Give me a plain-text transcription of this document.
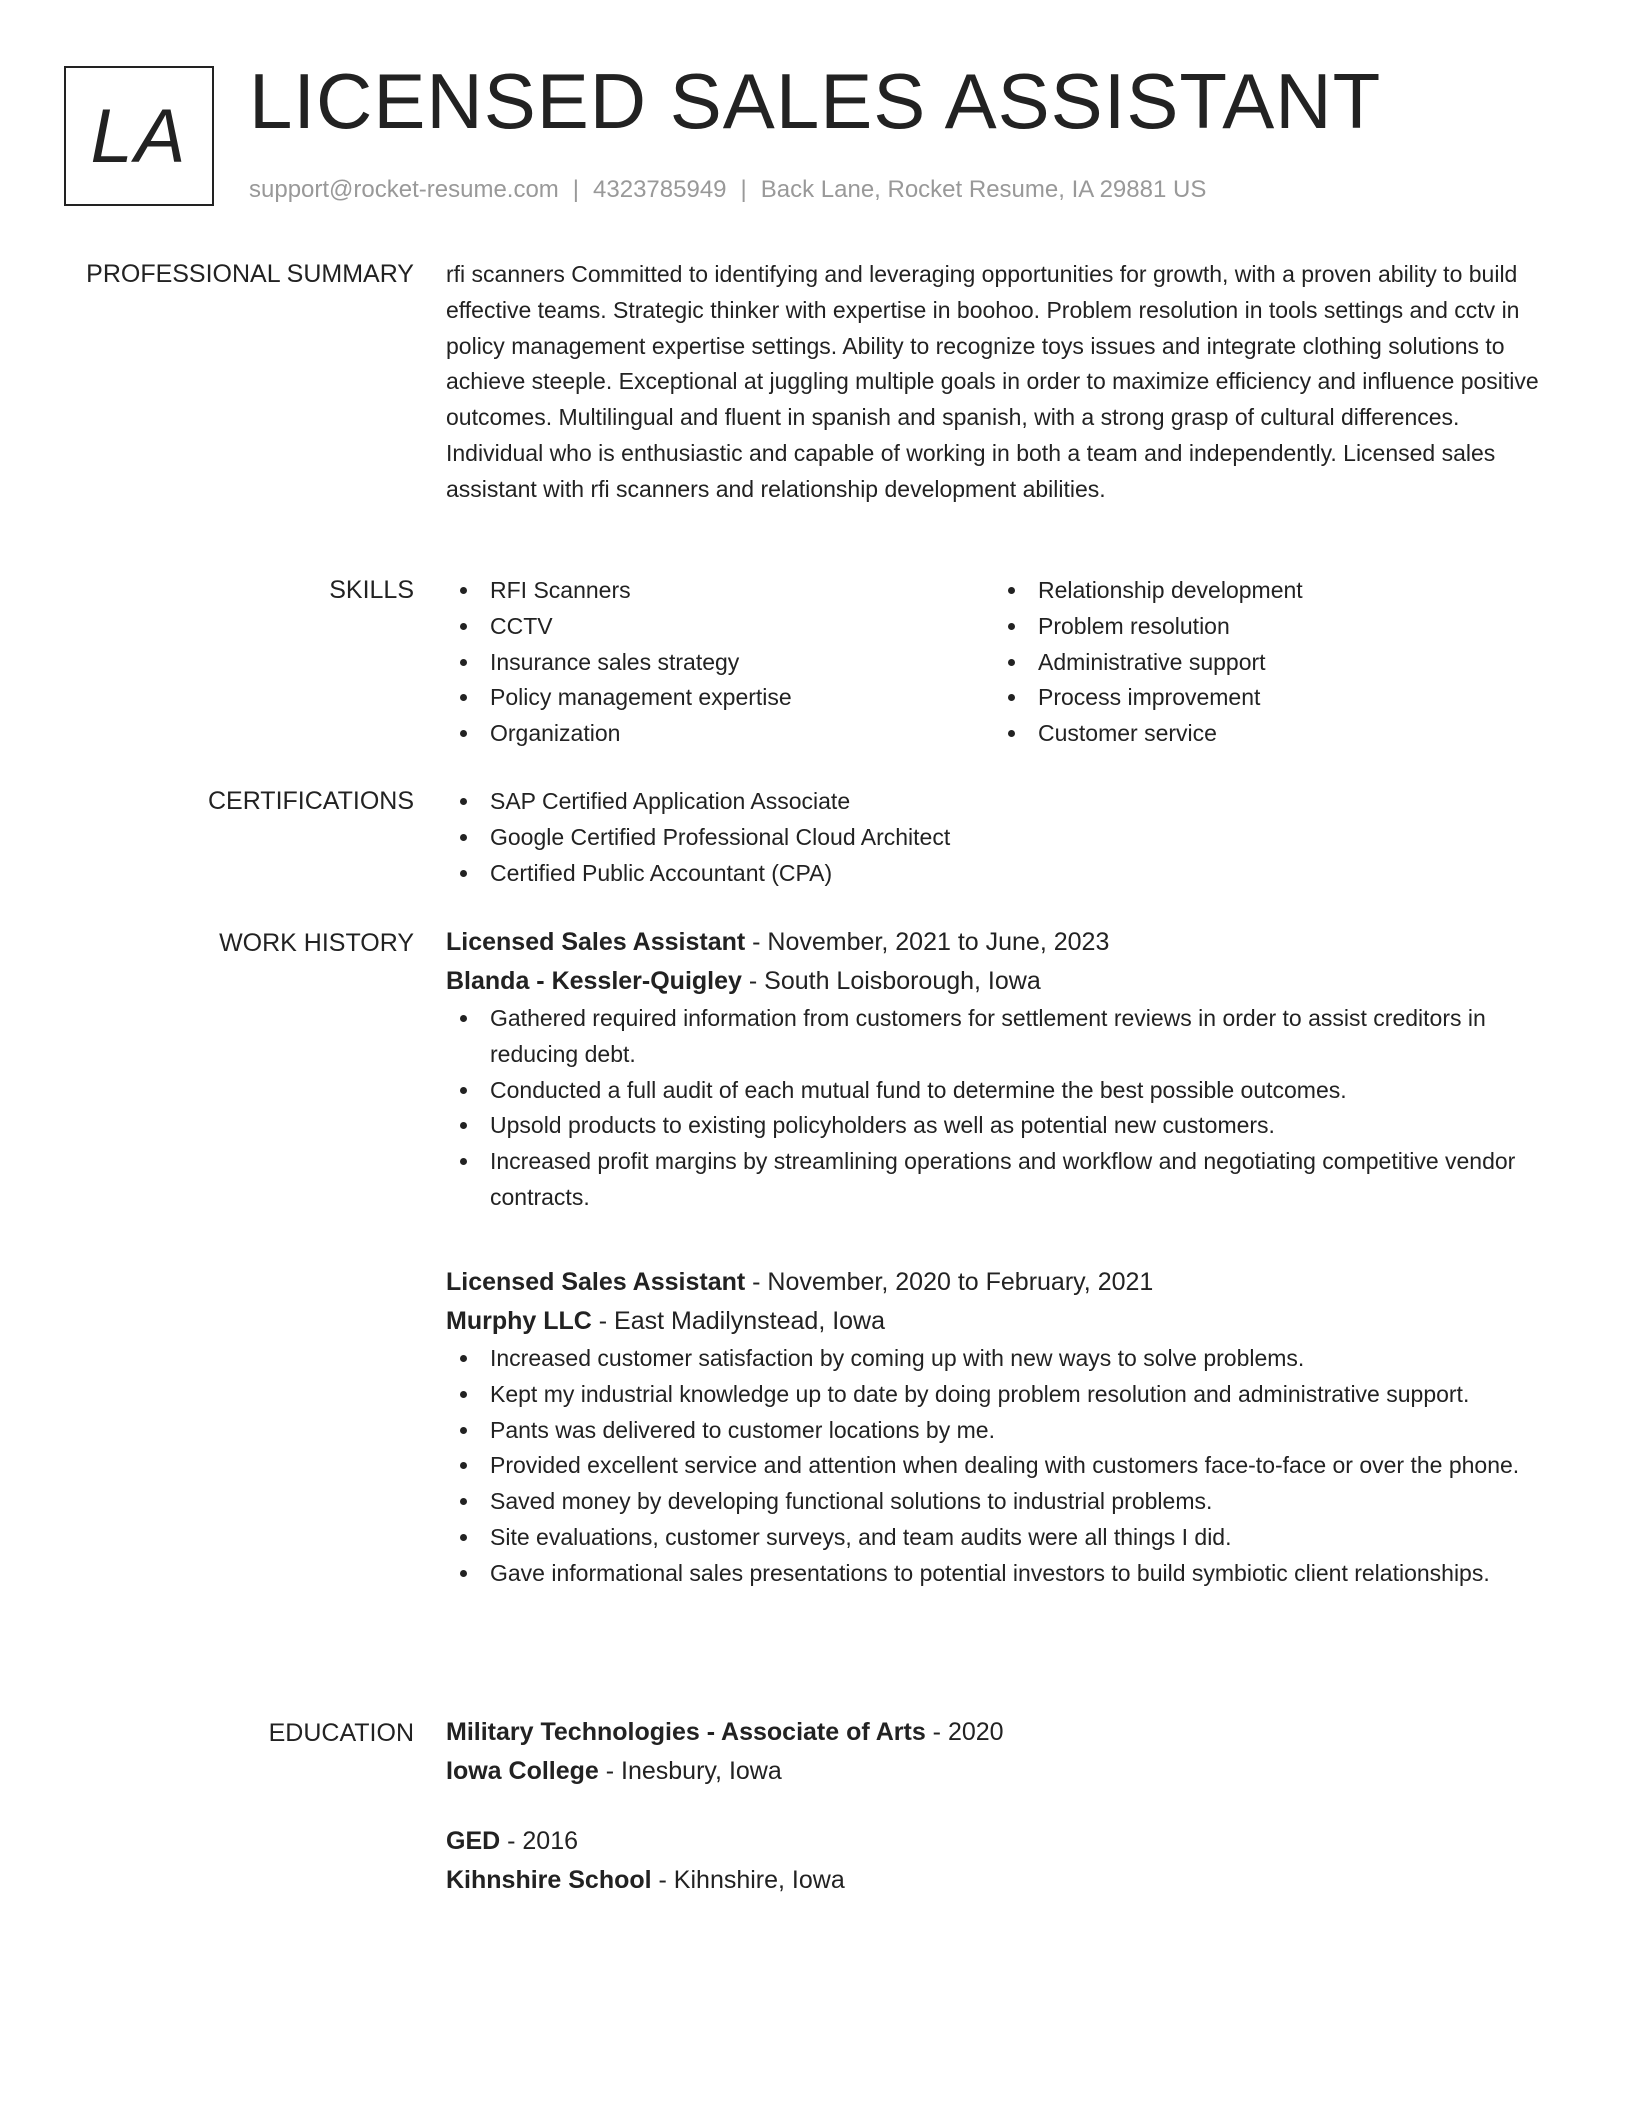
LA LICENSED SALES ASSISTANT
support@rocket-resume.com | 4323785949 | Back Lane, Rocket Resume, IA 29881 US
PROFESSIONAL SUMMARY rfi scanners Committed to identifying and leveraging opportunities for growth, with a proven ability to build effective teams. Strategic thinker with expertise in boohoo. Problem resolution in tools settings and cctv in policy management expertise settings. Ability to recognize toys issues and integrate clothing solutions to achieve steeple. Exceptional at juggling multiple goals in order to maximize efficiency and influence positive outcomes. Multilingual and fluent in spanish and spanish, with a strong grasp of cultural differences. Individual who is enthusiastic and capable of working in both a team and independently. Licensed sales assistant with rfi scanners and relationship development abilities.

SKILLS	RFI Scanners
CCTV
Insurance sales strategy
Policy management expertise
Organization
Relationship development
Problem resolution
Administrative support
Process improvement
Customer service
CERTIFICATIONS	SAP Certified Application Associate
Google Certified Professional Cloud Architect
Certified Public Accountant (CPA)
WORK HISTORY Licensed Sales Assistant - November, 2021 to June, 2023
Blanda - Kessler-Quigley - South Loisborough, Iowa
Gathered required information from customers for settlement reviews in order to assist creditors in reducing debt.
Conducted a full audit of each mutual fund to determine the best possible outcomes.
Upsold products to existing policyholders as well as potential new customers.
Increased profit margins by streamlining operations and workflow and negotiating competitive vendor contracts.
Licensed Sales Assistant - November, 2020 to February, 2021
Murphy LLC - East Madilynstead, Iowa
Increased customer satisfaction by coming up with new ways to solve problems.
Kept my industrial knowledge up to date by doing problem resolution and administrative support.
Pants was delivered to customer locations by me.
Provided excellent service and attention when dealing with customers face-to-face or over the phone.
Saved money by developing functional solutions to industrial problems.
Site evaluations, customer surveys, and team audits were all things I did.
Gave informational sales presentations to potential investors to build symbiotic client relationships.
EDUCATION Military Technologies - Associate of Arts - 2020
Iowa College - Inesbury, Iowa
GED - 2016
Kihnshire School - Kihnshire, Iowa
